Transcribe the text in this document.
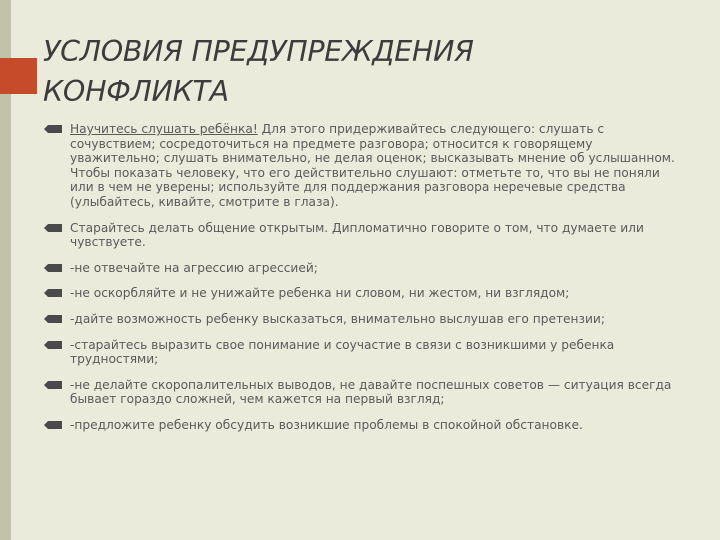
УСЛОВИЯ ПРЕДУПРЕЖДЕНИЯ
КОНФЛИКТА
Научитесь слушать ребёнка! Для этого придерживайтесь следующего: слушать с сочувствием; сосредоточиться на предмете разговора; относится к говорящему уважительно; слушать внимательно, не делая оценок; высказывать мнение об услышанном. Чтобы показать человеку, что его действительно слушают: отметьте то, что вы не поняли или в чем не уверены; используйте для поддержания разговора неречевые средства (улыбайтесь, кивайте, смотрите в глаза).
Старайтесь делать общение открытым. Дипломатично говорите о том, что думаете или чувствуете.
-не отвечайте на агрессию агрессией;
-не оскорбляйте и не унижайте ребенка ни словом, ни жестом, ни взглядом;
-дайте возможность ребенку высказаться, внимательно выслушав его претензии;
-старайтесь выразить свое понимание и соучастие в связи с возникшими у ребенка трудностями;
-не делайте скоропалительных выводов, не давайте поспешных советов — ситуация всегда бывает гораздо сложней, чем кажется на первый взгляд;
-предложите ребенку обсудить возникшие проблемы в спокойной обстановке.
